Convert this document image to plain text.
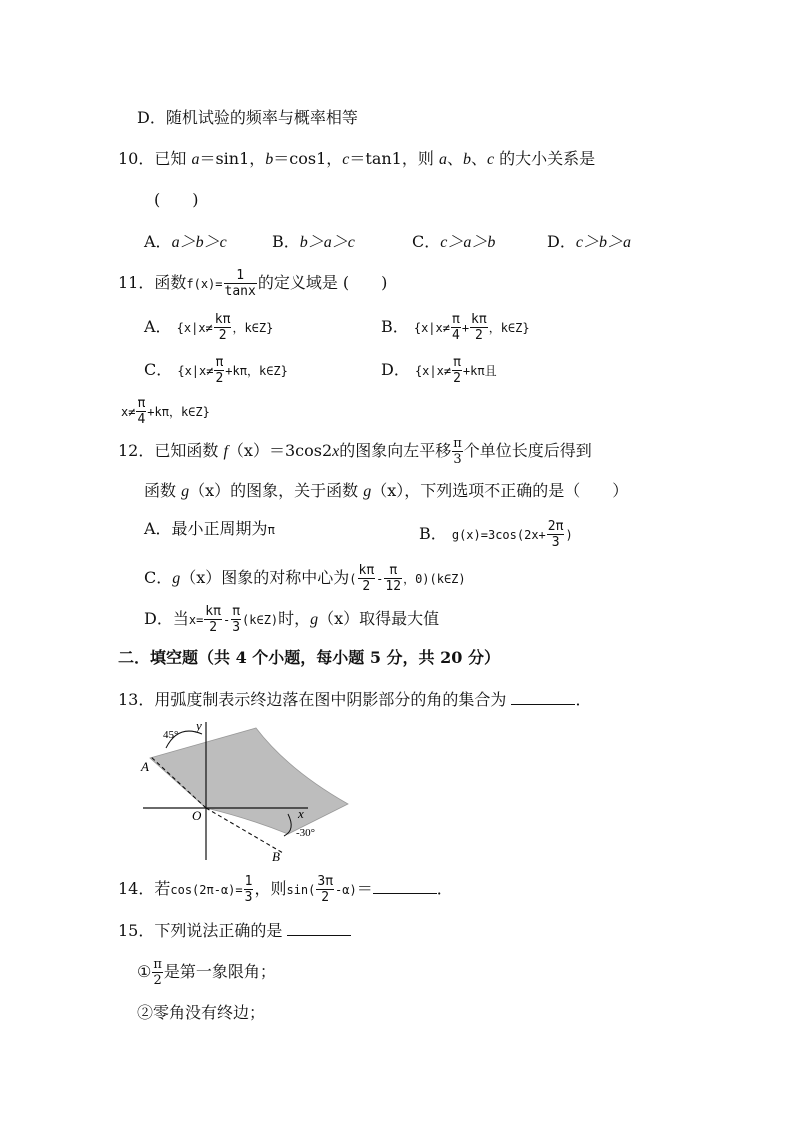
D．随机试验的频率与概率相等
10．已知 a＝sin1，b＝cos1，c＝tan1，则 a、b、c 的大小关系是
(　　)
A．a＞b＞c	B．b＞a＞c	C．c＞a＞b	D．c＞b＞a
11．函数$f(x)= \frac{1}{\tan x}$ 的定义域是 (　　)
A． {$x|x\ne \frac{k\pi}{2}$ ，k∈Z}	B． {$x|x\ne \frac{\pi}{4} + \frac{k\pi}{2}$ ，k∈Z}
C． {$x|x\ne \frac{\pi}{2} +k\pi$，k∈Z}	D． {$x|x\ne \frac{\pi}{2} +k\pi$且
$x\ne \frac{\pi}{4} +k\pi$，k∈Z}
12．已知函数 f（x）＝3cos2x的图象向左平移 $\frac{\pi}{3}$ 个单位长度后得到
函数 g（x）的图象，关于函数 g（x），下列选项不正确的是（　　）
A．最小正周期为π	B． $g(x)=3\cos(2x+ \frac{2\pi}{3}$ )
C．g（x）图象的对称中心为( $\frac{k\pi}{2} - \frac{\pi}{12}$ ，0)(k∈Z)
D．当$x= \frac{k\pi}{2} - \frac{\pi}{3}$ (k∈Z)时，g（x）取得最大值
二．填空题（共 4 个小题，每小题 5 分，共 20 分）
13．用弧度制表示终边落在图中阴影部分的角的集合为	．
45°
-30°
A
B
O	x
y
14．若$\cos(2\pi-\alpha)= \frac{1}{3}$ ，则$\sin( \frac{3\pi}{2} -\alpha)=$	．
15．下列说法正确的是
① $\frac{\pi}{2}$ 是第一象限角；
②零角没有终边；
